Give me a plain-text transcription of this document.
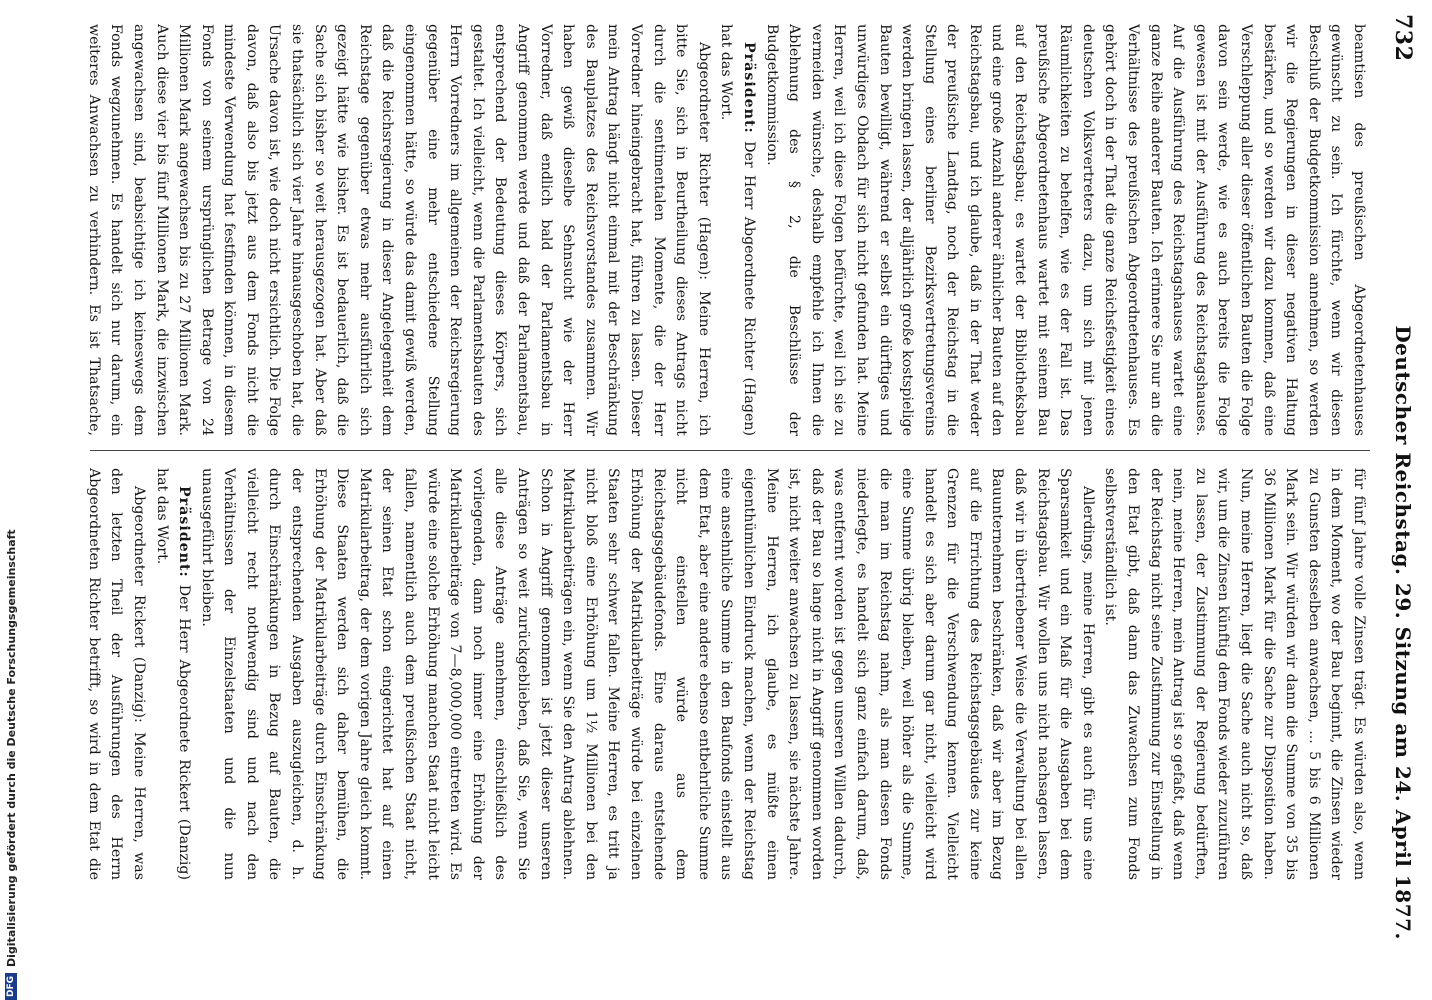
732
Deutscher Reichstag. 29. Sitzung am 24. April 1877.

beamtisen des preußischen Abgeordnetenhauses gewünscht zu sein. Ich fürchte, wenn wir diesen Beschluß der Budgetkommission annehmen, so werden wir die Regierungen in dieser negativen Haltung bestärken, und so werden wir dazu kommen, daß eine Verschleppung aller dieser öffentlichen Bauten die Folge davon sein werde, wie es auch bereits die Folge gewesen ist mit der Ausführung des Reichstagshauses. Auf die Ausführung des Reichstagshauses wartet eine ganze Reihe anderer Bauten. Ich erinnere Sie nur an die Verhältnisse des preußischen Abgeordnetenhauses. Es gehört doch in der That die ganze Reichsfestigkeit eines deutschen Volksvertreters dazu, um sich mit jenen Räumlichkeiten zu behelfen, wie es der Fall ist. Das preußische Abgeordnetenhaus wartet mit seinem Bau auf den Reichstagsbau; es wartet der Bibliotheksbau und eine große Anzahl anderer ähnlicher Bauten auf den Reichstagsbau, und ich glaube, daß in der That weder der preußische Landtag, noch der Reichstag in die Stellung eines berliner Bezirksvertretungsvereins werden bringen lassen, der alljährlich große kostspielige Bauten bewilligt, während er selbst ein dürftiges und unwürdiges Obdach für sich nicht gefunden hat. Meine Herren, weil ich diese Folgen befürchte, weil ich sie zu vermeiden wünsche, deshalb empfehle ich Ihnen die Ablehnung des § 2, die Beschlüsse der Budgetkommission.

Präsident: Der Herr Abgeordnete Richter (Hagen) hat das Wort.

Abgeordneter Richter (Hagen): Meine Herren, ich bitte Sie, sich in Beurtheilung dieses Antrags nicht durch die sentimentalen Momente, die der Herr Vorredner hineingebracht hat, führen zu lassen. Dieser mein Antrag hängt nicht einmal mit der Beschränkung des Bauplatzes des Reichsvorstandes zusammen. Wir haben gewiß dieselbe Sehnsucht wie der Herr Vorredner, daß endlich bald der Parlamentsbau in Angriff genommen werde und daß der Parlamentsbau, entsprechend der Bedeutung dieses Körpers, sich gestaltet. Ich vielleicht, wenn die Parlamentsbauten des Herrn Vorredners im allgemeinen der Reichsregierung gegenüber eine mehr entschiedene Stellung eingenommen hätte, so würde das damit gewiß werden, daß die Reichsregierung in dieser Angelegenheit dem Reichstage gegenüber etwas mehr ausführlich sich gezeigt hätte wie bisher. Es ist bedauerlich, daß die Sache sich bisher so weit herausgezogen hat. Aber daß sie thatsächlich sich vier Jahre hinausgeschoben hat, die Ursache davon ist, wie doch nicht ersichtlich. Die Folge davon, daß also bis jetzt aus dem Fonds nicht die mindeste Verwendung hat festfinden können, in diesem Fonds von seinem ursprünglichen Betrage von 24 Millionen Mark angewachsen bis zu 27 Millionen Mark. Auch diese vier bis fünf Millionen Mark, die inzwischen angewachsen sind, beabsichtige ich keineswegs dem Fonds wegzunehmen. Es handelt sich nur darum, ein weiteres Anwachsen zu verhindern. Es ist Thatsache,

für fünf Jahre volle Zinsen trägt. Es würden also, wenn in dem Moment, wo der Bau beginnt, die Zinsen wieder zu Gunsten desselben anwachsen, ... 5 bis 6 Millionen Mark sein. Wir würden wir dann die Summe von 35 bis 36 Millionen Mark für die Sache zur Disposition haben. Nun, meine Herren, liegt die Sache auch nicht so, daß wir, um die Zinsen künftig dem Fonds wieder zuzuführen zu lassen, der Zustimmung der Regierung bedürften, nein, meine Herren, mein Antrag ist so gefaßt, daß wenn der Reichstag nicht seine Zustimmung zur Einstellung in den Etat gibt, daß dann das Zuwachsen zum Fonds selbstverständlich ist.

Allerdings, meine Herren, gibt es auch für uns eine Sparsamkeit und ein Maß für die Ausgaben bei dem Reichstagsbau. Wir wollen uns nicht nachsagen lassen, daß wir in übertriebener Weise die Verwaltung bei allen Bauunternehmen beschränken, daß wir aber im Bezug auf die Errichtung des Reichstagsgebäudes zur keine Grenzen für die Verschwendung kennen. Vielleicht handelt es sich aber darum gar nicht, vielleicht wird eine Summe übrig bleiben, weil höher als die Summe, die man im Reichstag nahm, als man diesen Fonds niederlegte, es handelt sich ganz einfach darum, daß, was entfernt worden ist gegen unseren Willen dadurch, daß der Bau so lange nicht in Angriff genommen worden ist, nicht weiter anwachsen zu lassen, sie nächste Jahre. Meine Herren, ich glaube, es müßte einen eigenthümlichen Eindruck machen, wenn der Reichstag eine ansehnliche Summe in den Baufonds einstellt aus dem Etat, aber eine andere ebenso entbehrliche Summe nicht einstellen würde aus dem Reichstagsgebäudefonds. Eine daraus entstehende Erhöhung der Matrikularbeiträge würde bei einzelnen Staaten sehr schwer fallen. Meine Herren, es tritt ja nicht bloß eine Erhöhung um 1½ Millionen bei den Matrikularbeiträgen ein, wenn Sie den Antrag ablehnen. Schon in Angriff genommen ist jetzt dieser unseren Anträgen so weit zurückgeblieben, daß Sie, wenn Sie alle diese Anträge annehmen, einschließlich des vorliegenden, dann noch immer eine Erhöhung der Matrikularbeiträge von 7—8,000,000 eintreten wird. Es würde eine solche Erhöhung manchen Staat nicht leicht fallen, namentlich auch dem preußischen Staat nicht, der seinen Etat schon eingerichtet hat auf einen Matrikularbeitrag, der dem vorigen Jahre gleich kommt. Diese Staaten werden sich daher bemühen, die Erhöhung der Matrikularbeiträge durch Einschränkung der entsprechenden Ausgaben auszugleichen, d. h. durch Einschränkungen in Bezug auf Bauten, die vielleicht recht nothwendig sind und nach den Verhältnissen der Einzelstaaten und die nun unausgeführt bleiben.

Präsident: Der Herr Abgeordnete Rickert (Danzig) hat das Wort.

Abgeordneter Rickert (Danzig): Meine Herren, was den letzten Theil der Ausführungen des Herrn Abgeordneten Richter betrifft, so wird in dem Etat die

DFG
Digitalisierung gefördert durch die Deutsche Forschungsgemeinschaft
